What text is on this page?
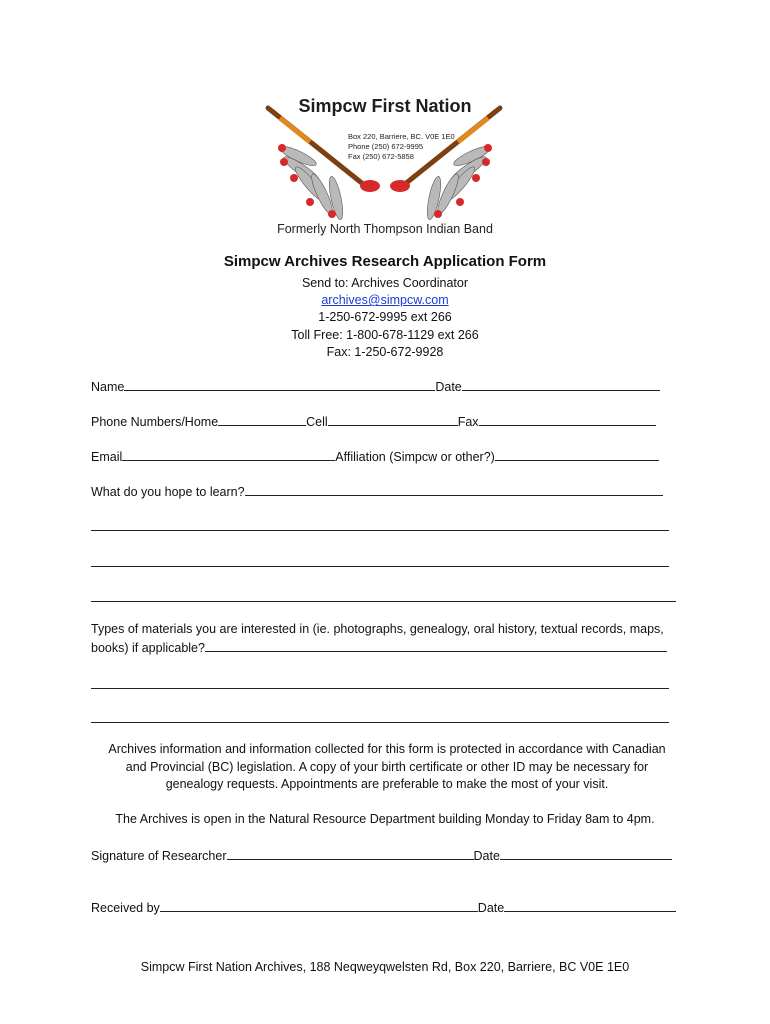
Simpcw First Nation
Box 220, Barriere, BC. V0E 1E0
Phone (250) 672-9995
Fax (250) 672-5858
Formerly North Thompson Indian Band
Simpcw Archives Research Application Form
Send to: Archives Coordinator
archives@simpcw.com
1-250-672-9995 ext 266
Toll Free: 1-800-678-1129 ext 266
Fax: 1-250-672-9928
Name	Date
Phone Numbers/Home	Cell	Fax
Email	Affiliation (Simpcw or other?)
What do you hope to learn?
Types of materials you are interested in (ie. photographs, genealogy, oral history, textual records, maps,
books) if applicable?
Archives information and information collected for this form is protected in accordance with Canadian
and Provincial (BC) legislation. A copy of your birth certificate or other ID may be necessary for
genealogy requests. Appointments are preferable to make the most of your visit.
The Archives is open in the Natural Resource Department building Monday to Friday 8am to 4pm.
Signature of Researcher	Date
Received by	Date
Simpcw First Nation Archives, 188 Neqweyqwelsten Rd, Box 220, Barriere, BC V0E 1E0
